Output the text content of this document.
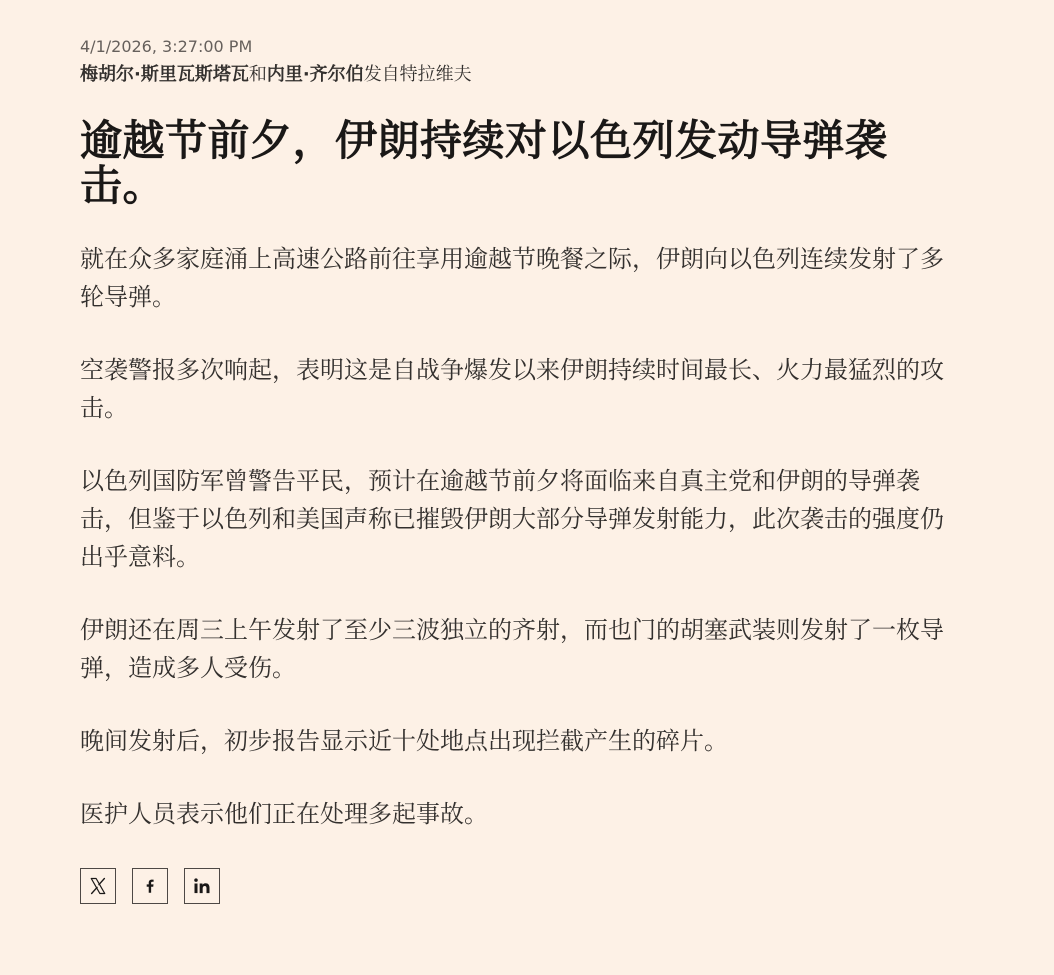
4/1/2026, 3:27:00 PM

梅胡尔·斯里瓦斯塔瓦和内里·齐尔伯发自特拉维夫

逾越节前夕，伊朗持续对以色列发动导弹袭击。

就在众多家庭涌上高速公路前往享用逾越节晚餐之际，伊朗向以色列连续发射了多轮导弹。

空袭警报多次响起，表明这是自战争爆发以来伊朗持续时间最长、火力最猛烈的攻击。

以色列国防军曾警告平民，预计在逾越节前夕将面临来自真主党和伊朗的导弹袭击，但鉴于以色列和美国声称已摧毁伊朗大部分导弹发射能力，此次袭击的强度仍出乎意料。

伊朗还在周三上午发射了至少三波独立的齐射，而也门的胡塞武装则发射了一枚导弹，造成多人受伤。

晚间发射后，初步报告显示近十处地点出现拦截产生的碎片。

医护人员表示他们正在处理多起事故。
